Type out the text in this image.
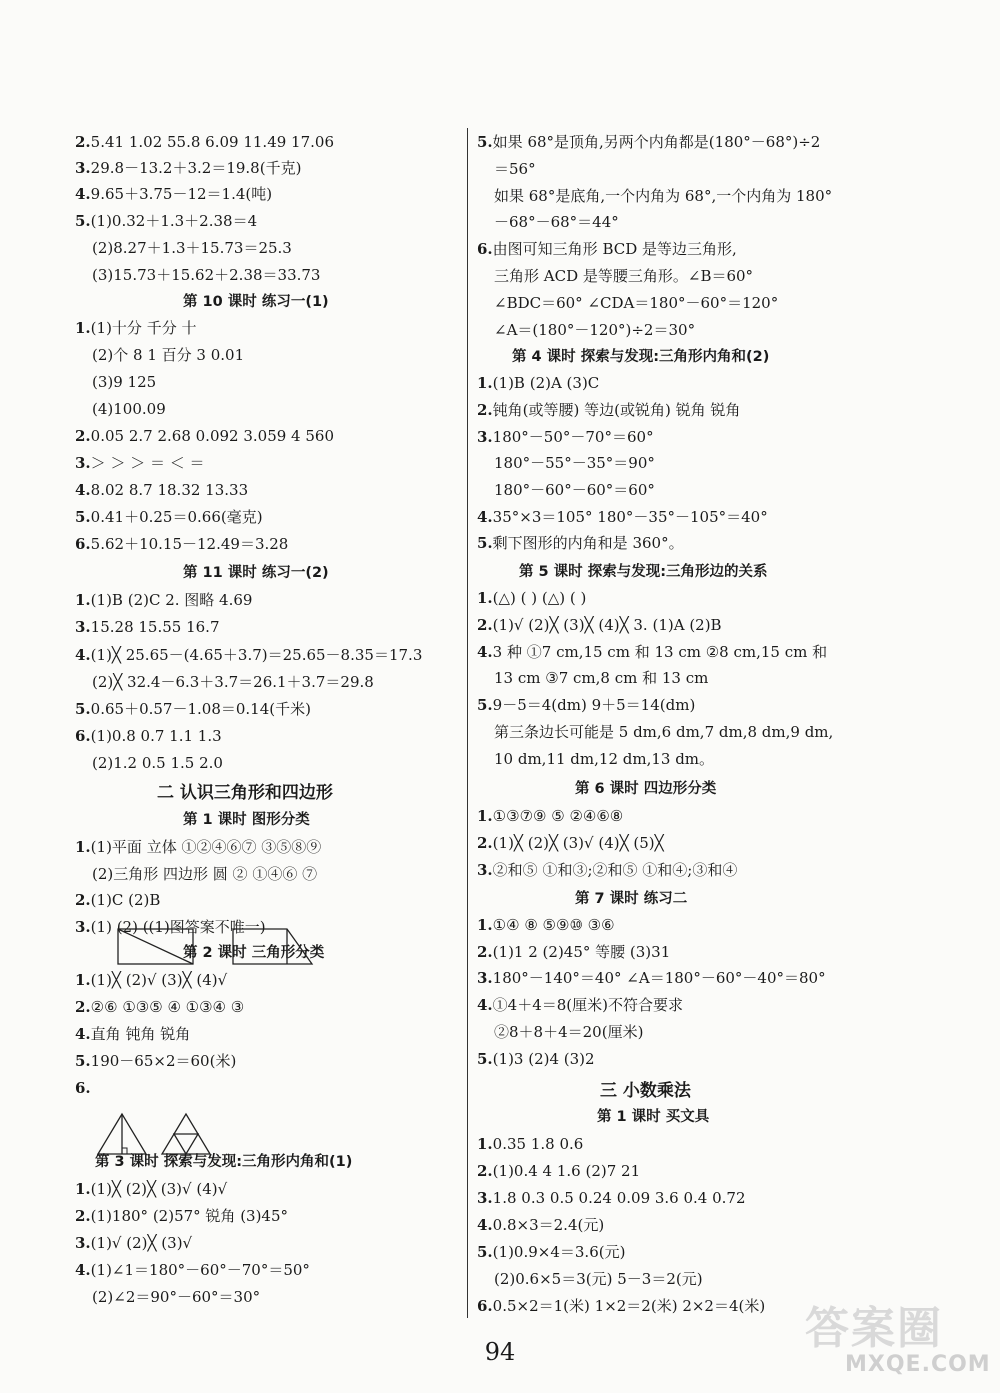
2.5.41 1.02 55.8 6.09 11.49 17.06
3.29.8－13.2＋3.2＝19.8(千克)
4.9.65＋3.75－12＝1.4(吨)
5.(1)0.32＋1.3＋2.38＝4
(2)8.27＋1.3＋15.73＝25.3
(3)15.73＋15.62＋2.38＝33.73
第 10 课时 练习一(1)
1.(1)十分 千分 十
(2)个 8 1 百分 3 0.01
(3)9 125
(4)100.09
2.0.05 2.7 2.68 0.092 3.059 4 560
3.＞ ＞ ＞ ＝ ＜ ＝
4.8.02 8.7 18.32 13.33
5.0.41＋0.25＝0.66(毫克)
6.5.62＋10.15－12.49＝3.28
第 11 课时 练习一(2)
1.(1)B (2)C 2. 图略 4.69
3.15.28 15.55 16.7
4.(1)╳ 25.65－(4.65＋3.7)＝25.65－8.35＝17.3
(2)╳ 32.4－6.3＋3.7＝26.1＋3.7＝29.8
5.0.65＋0.57－1.08＝0.14(千米)
6.(1)0.8 0.7 1.1 1.3
(2)1.2 0.5 1.5 2.0
二 认识三角形和四边形
第 1 课时 图形分类
1.(1)平面 立体 ①②④⑥⑦ ③⑤⑧⑨
(2)三角形 四边形 圆 ② ①④⑥ ⑦
2.(1)C (2)B
3.(1) (2) ((1)图答案不唯一)
第 2 课时 三角形分类
1.(1)╳ (2)√ (3)╳ (4)√
2.②⑥ ①③⑤ ④ ①③④ ③
4.直角 钝角 锐角
5.190－65×2＝60(米)
6.
第 3 课时 探索与发现:三角形内角和(1)
1.(1)╳ (2)╳ (3)√ (4)√
2.(1)180° (2)57° 锐角 (3)45°
3.(1)√ (2)╳ (3)√
4.(1)∠1＝180°－60°－70°＝50°
(2)∠2＝90°－60°＝30°
5.如果 68°是顶角,另两个内角都是(180°－68°)÷2
＝56°
如果 68°是底角,一个内角为 68°,一个内角为 180°
－68°－68°＝44°
6.由图可知三角形 BCD 是等边三角形,
三角形 ACD 是等腰三角形。∠B＝60°
∠BDC＝60° ∠CDA＝180°－60°＝120°
∠A＝(180°－120°)÷2＝30°
第 4 课时 探索与发现:三角形内角和(2)
1.(1)B (2)A (3)C
2.钝角(或等腰) 等边(或锐角) 锐角 锐角
3.180°－50°－70°＝60°
180°－55°－35°＝90°
180°－60°－60°＝60°
4.35°×3＝105° 180°－35°－105°＝40°
5.剩下图形的内角和是 360°。
第 5 课时 探索与发现:三角形边的关系
1.(△) ( ) (△) ( )
2.(1)√ (2)╳ (3)╳ (4)╳ 3. (1)A (2)B
4.3 种 ①7 cm,15 cm 和 13 cm ②8 cm,15 cm 和
13 cm ③7 cm,8 cm 和 13 cm
5.9－5＝4(dm) 9＋5＝14(dm)
第三条边长可能是 5 dm,6 dm,7 dm,8 dm,9 dm,
10 dm,11 dm,12 dm,13 dm。
第 6 课时 四边形分类
1.①③⑦⑨ ⑤ ②④⑥⑧
2.(1)╳ (2)╳ (3)√ (4)╳ (5)╳
3.②和⑤ ①和③;②和⑤ ①和④;③和④
第 7 课时 练习二
1.①④ ⑧ ⑤⑨⑩ ③⑥
2.(1)1 2 (2)45° 等腰 (3)31
3.180°－140°＝40° ∠A＝180°－60°－40°＝80°
4.①4＋4＝8(厘米)不符合要求
②8＋8＋4＝20(厘米)
5.(1)3 (2)4 (3)2
三 小数乘法
第 1 课时 买文具
1.0.35 1.8 0.6
2.(1)0.4 4 1.6 (2)7 21
3.1.8 0.3 0.5 0.24 0.09 3.6 0.4 0.72
4.0.8×3＝2.4(元)
5.(1)0.9×4＝3.6(元)
(2)0.6×5＝3(元) 5－3＝2(元)
6.0.5×2＝1(米) 1×2＝2(米) 2×2＝4(米)
94	答案圈
MXQE.COM
